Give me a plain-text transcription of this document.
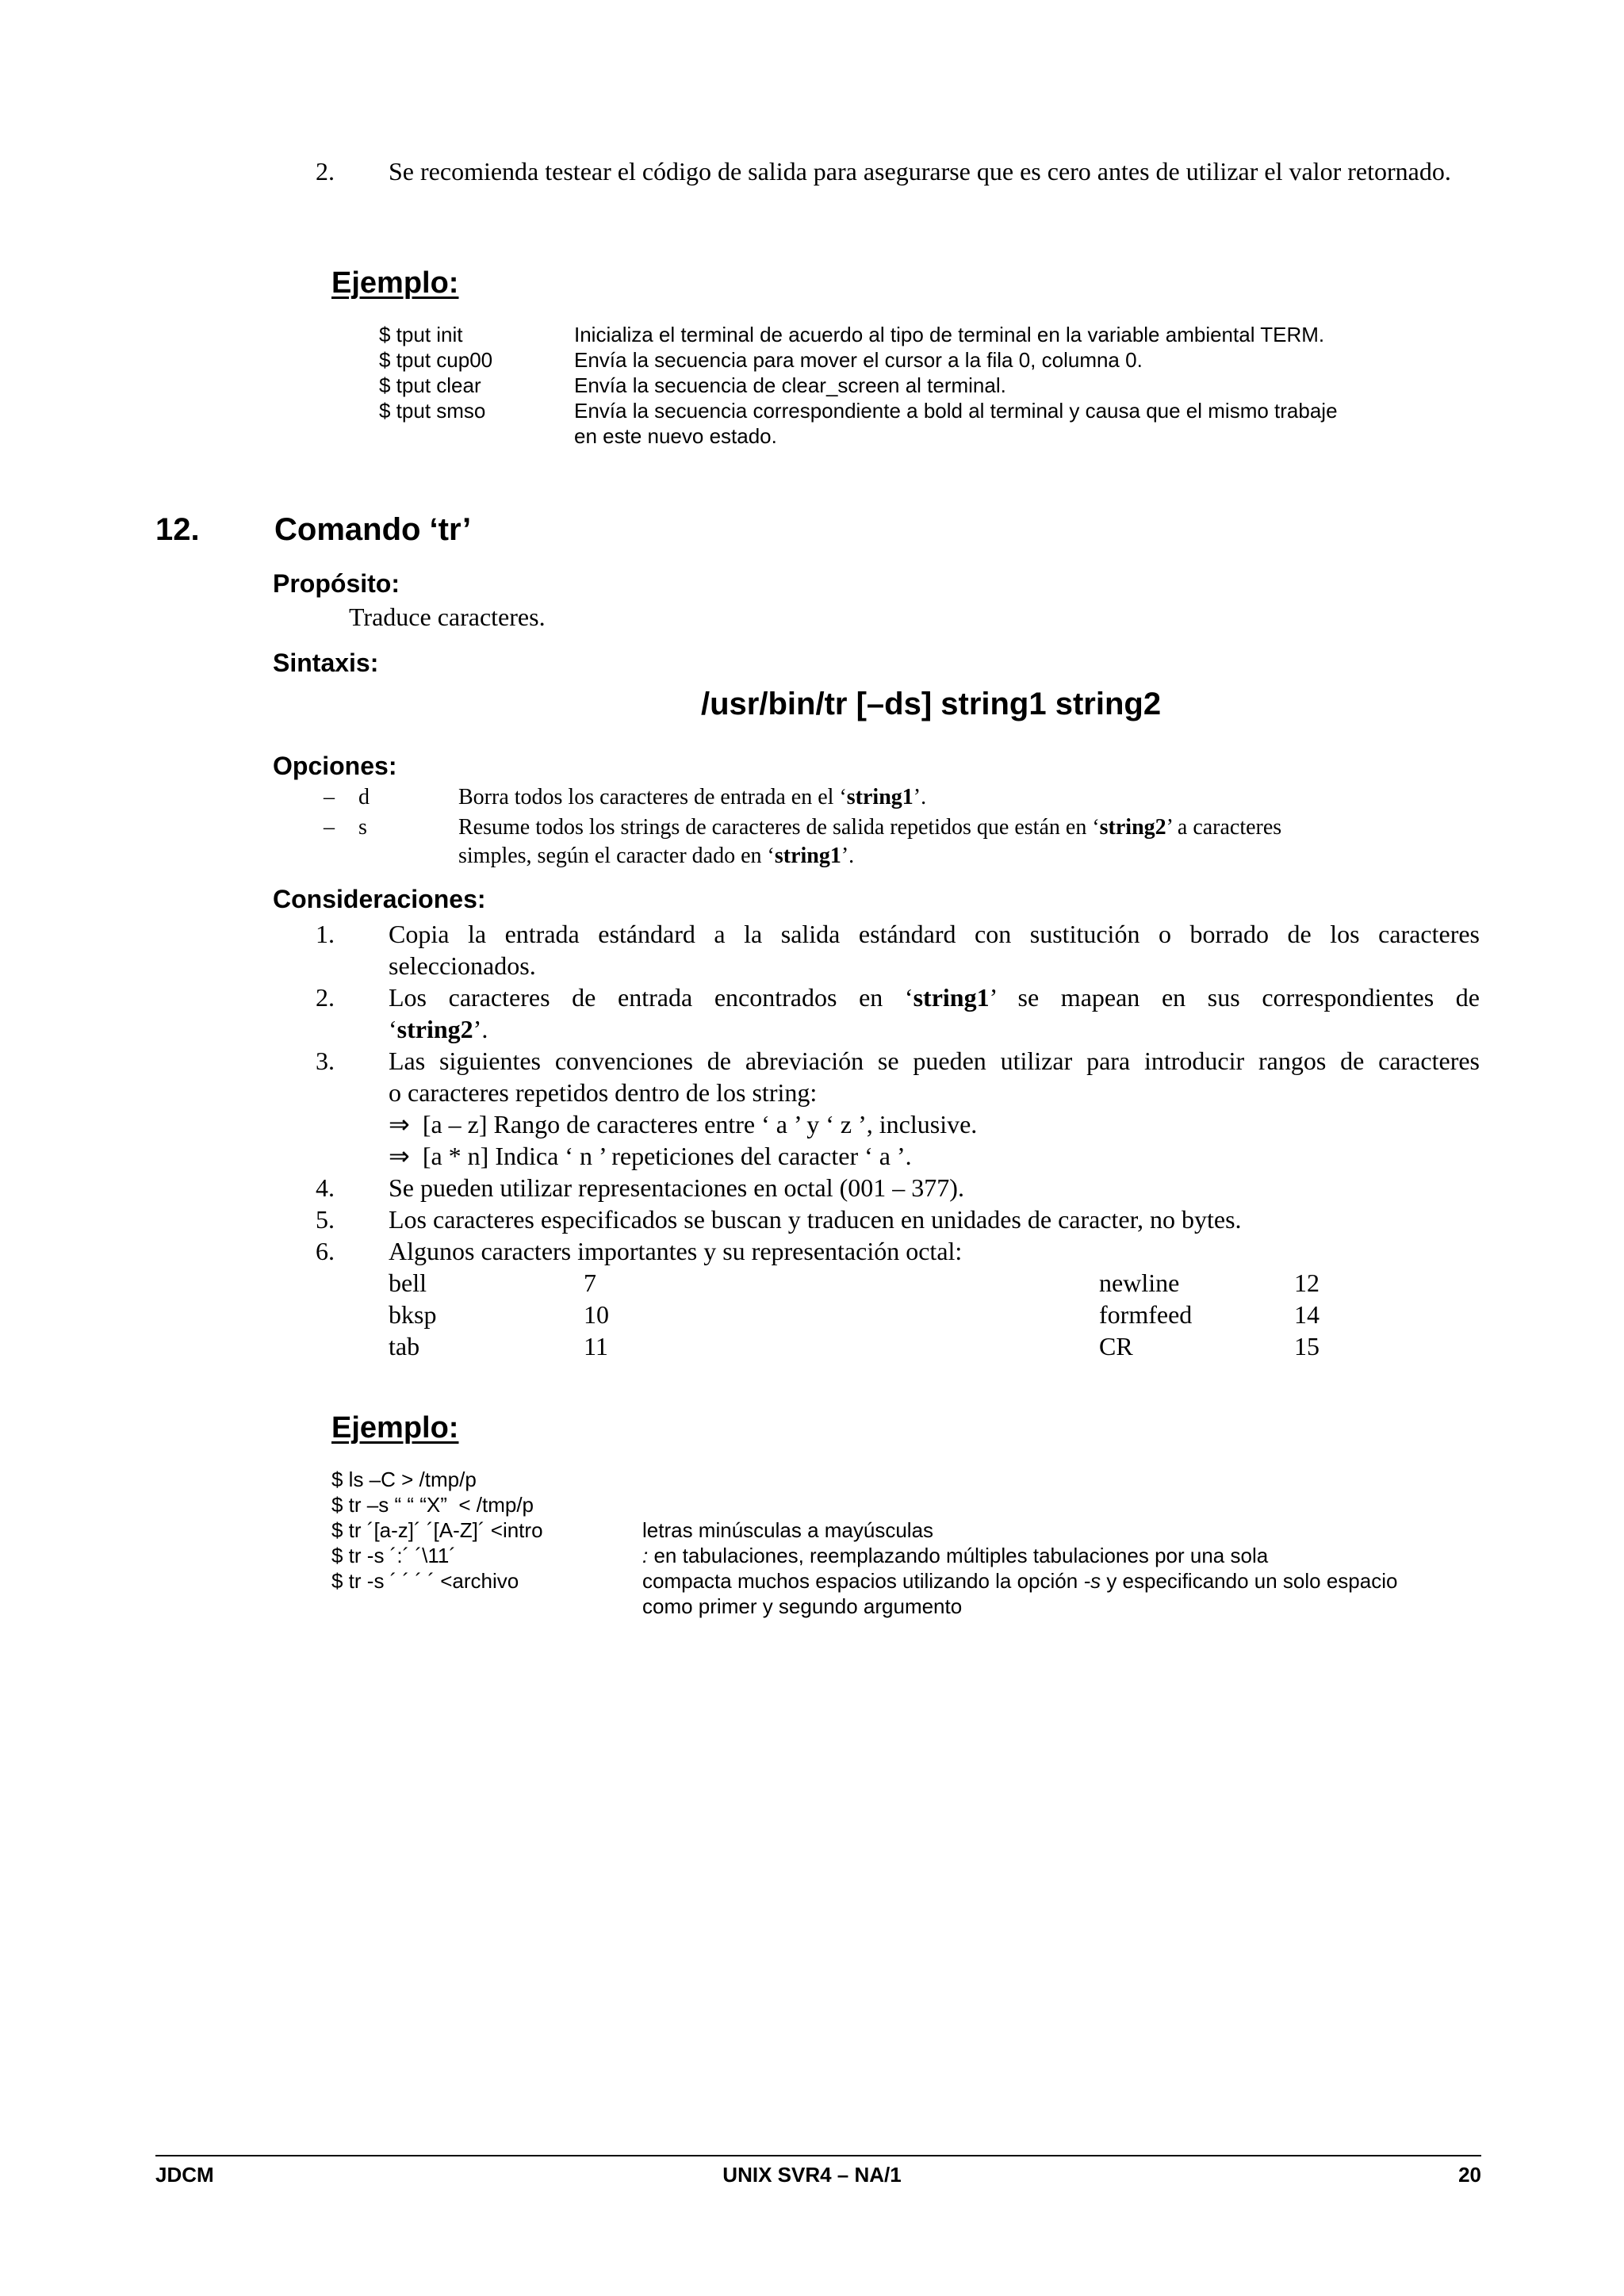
2.	Se recomienda testear el código de salida para asegurarse que es cero antes de utilizar el valor retornado.
Ejemplo:
$ tput init	Inicializa el terminal de acuerdo al tipo de terminal en la variable ambiental TERM.
$ tput cup00	Envía la secuencia para mover el cursor a la fila 0, columna 0.
$ tput clear	Envía la secuencia de clear_screen al terminal.
$ tput smso	Envía la secuencia correspondiente a bold al terminal y causa que el mismo trabaje
en este nuevo estado.
12. Comando ‘tr’
Propósito:
Traduce caracteres.
Sintaxis:
/usr/bin/tr [–ds] string1 string2
Opciones:
– d	Borra todos los caracteres de entrada en el ‘string1’.
– s	Resume todos los strings de caracteres de salida repetidos que están en ‘string2’ a caracteres
simples, según el caracter dado en ‘string1’.
Consideraciones:
1.	Copia la entrada estándard a la salida estándard con sustitución o borrado de los caracteres
seleccionados.
2.	Los caracteres de entrada encontrados en ‘string1’ se mapean en sus correspondientes de
‘string2’.
3.	Las siguientes convenciones de abreviación se pueden utilizar para introducir rangos de caracteres
o caracteres repetidos dentro de los string:
⇒ [a – z] Rango de caracteres entre ‘ a ’ y ‘ z ’, inclusive.
⇒ [a * n] Indica ‘ n ’ repeticiones del caracter ‘ a ’.
4.	Se pueden utilizar representaciones en octal (001 – 377).
5.	Los caracteres especificados se buscan y traducen en unidades de caracter, no bytes.
6.	Algunos caracters importantes y su representación octal:
bell	7	newline	12
bksp	10	formfeed	14
tab	11	CR	15
Ejemplo:
$ ls –C > /tmp/p
$ tr –s “ “ “X”  < /tmp/p
$ tr ´[a-z]´ ´[A-Z]´ <intro	letras minúsculas a mayúsculas
$ tr -s ´:´ ´\11´	: en tabulaciones, reemplazando múltiples tabulaciones por una sola
$ tr -s ´ ´ ´ ´ <archivo	compacta muchos espacios utilizando la opción -s y especificando un solo espacio
como primer y segundo argumento
JDCM	UNIX SVR4 – NA/1	20
